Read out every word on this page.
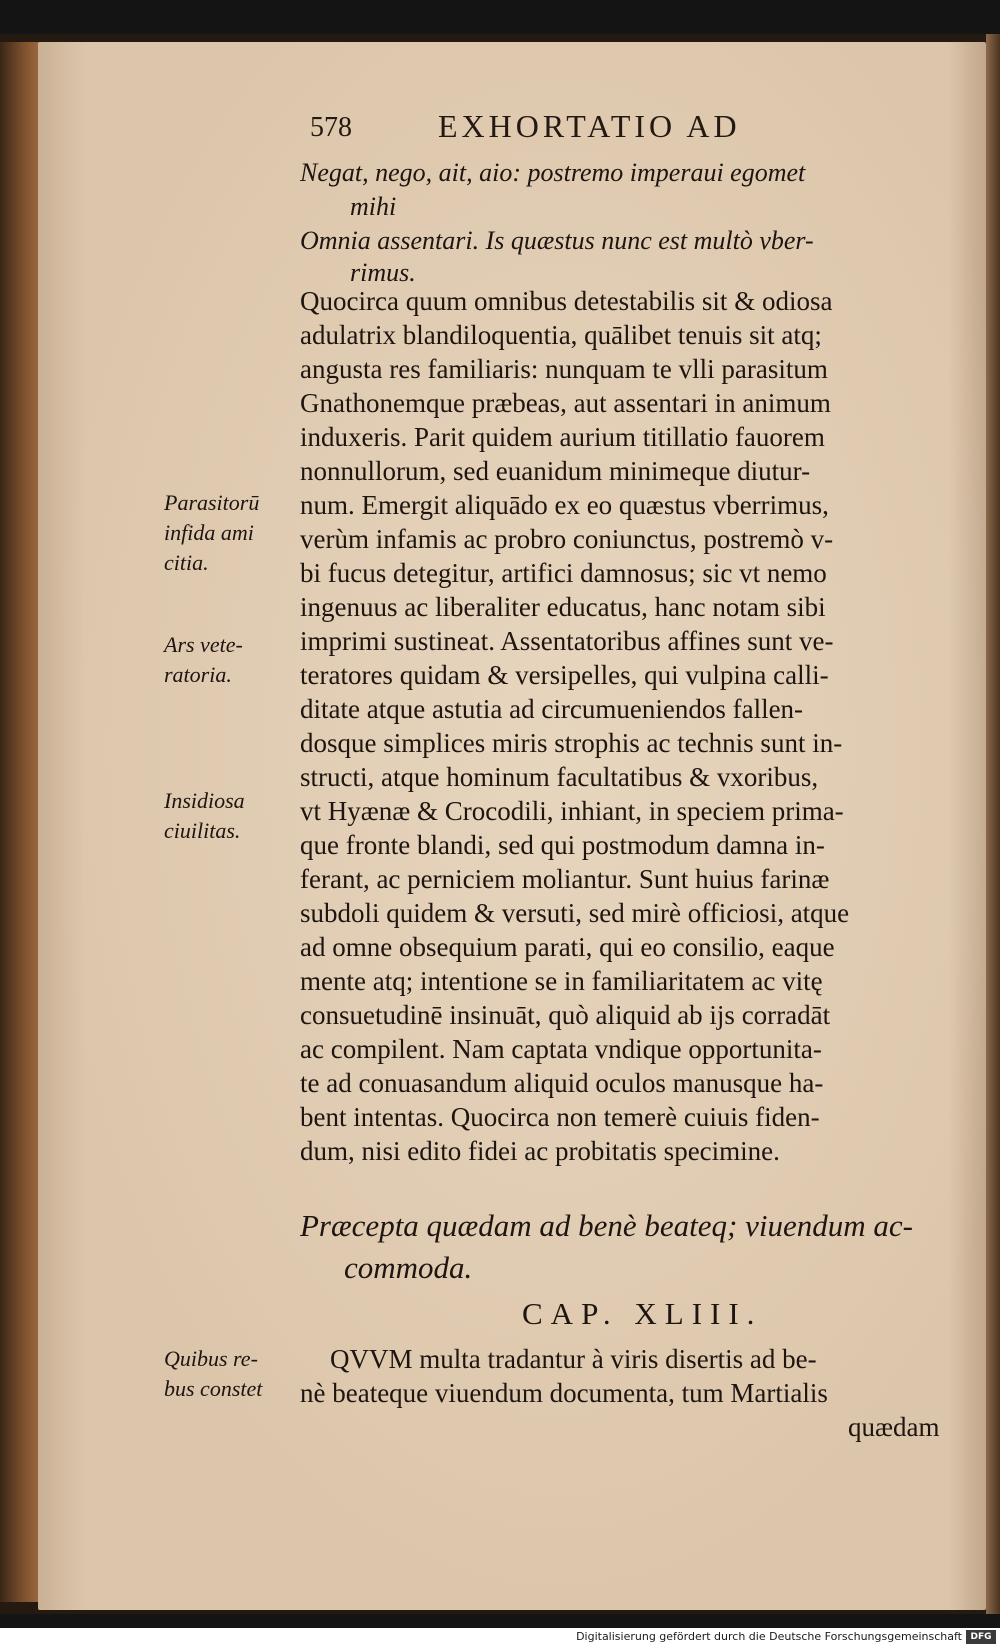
578	EXHORTATIO AD
Negat, nego, ait, aio: postremo imperaui egomet
mihi
Omnia assentari. Is quæstus nunc est multò vber-
rimus.
Quocirca quum omnibus detestabilis sit & odiosa
adulatrix blandiloquentia, quālibet tenuis sit atq;
angusta res familiaris: nunquam te vlli parasitum
Gnathonemque præbeas, aut assentari in animum
induxeris. Parit quidem aurium titillatio fauorem
nonnullorum, sed euanidum minimeque diutur-
num. Emergit aliquādo ex eo quæstus vberrimus,
verùm infamis ac probro coniunctus, postremò v-
bi fucus detegitur, artifici damnosus; sic vt nemo
ingenuus ac liberaliter educatus, hanc notam sibi
imprimi sustineat. Assentatoribus affines sunt ve-
teratores quidam & versipelles, qui vulpina calli-
ditate atque astutia ad circumueniendos fallen-
dosque simplices miris strophis ac technis sunt in-
structi, atque hominum facultatibus & vxoribus,
vt Hyænæ & Crocodili, inhiant, in speciem prima-
que fronte blandi, sed qui postmodum damna in-
ferant, ac perniciem moliantur. Sunt huius farinæ
subdoli quidem & versuti, sed mirè officiosi, atque
ad omne obsequium parati, qui eo consilio, eaque
mente atq; intentione se in familiaritatem ac vitę
consuetudinē insinuāt, quò aliquid ab ijs corradāt
ac compilent. Nam captata vndique opportunita-
te ad conuasandum aliquid oculos manusque ha-
bent intentas. Quocirca non temerè cuiuis fiden-
dum, nisi edito fidei ac probitatis specimine.
Præcepta quædam ad benè beateq; viuendum ac-
commoda.
CAP. XLIII.
QVVM multa tradantur à viris disertis ad be-
nè beateque viuendum documenta, tum Martialis
quædam
Parasitorū
infida ami
citia.
Ars vete-
ratoria.
Insidiosa
ciuilitas.
Quibus re-
bus constet
Digitalisierung gefördert durch die Deutsche Forschungsgemeinschaft DFG
